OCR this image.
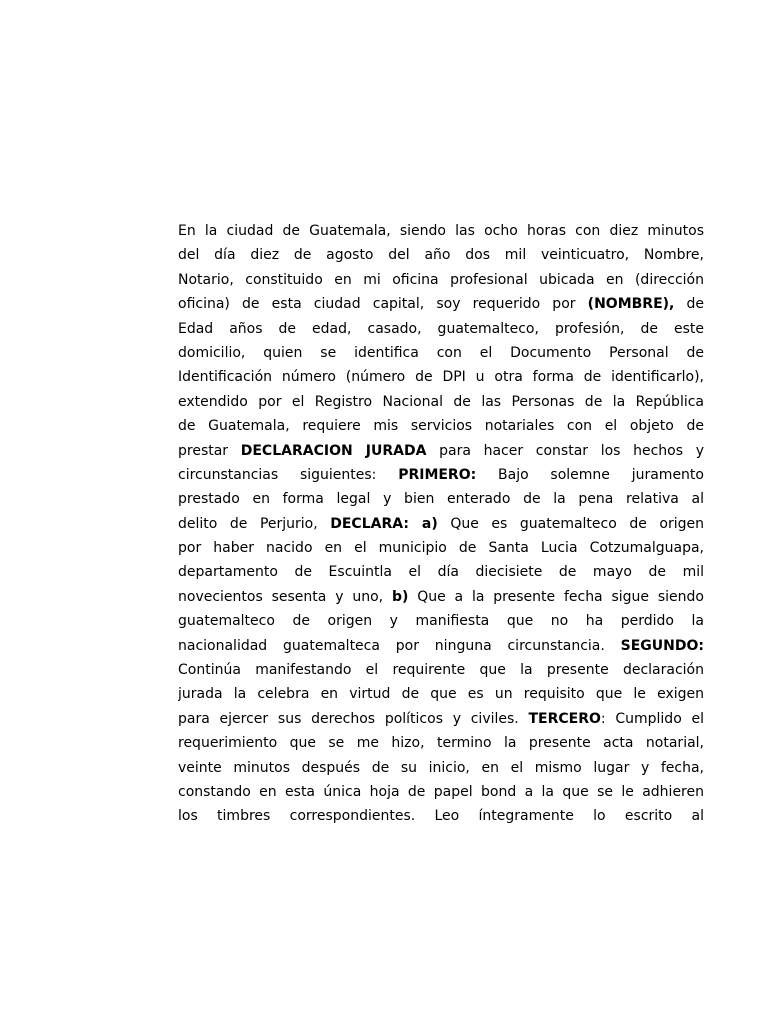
En la ciudad de Guatemala, siendo las ocho horas con diez minutos
del día diez de agosto del año dos mil veinticuatro, Nombre,
Notario, constituido en mi oficina profesional ubicada en (dirección
oficina) de esta ciudad capital, soy requerido por (NOMBRE), de
Edad años de edad, casado, guatemalteco, profesión, de este
domicilio, quien se identifica con el Documento Personal de
Identificación número (número de DPI u otra forma de identificarlo),
extendido por el Registro Nacional de las Personas de la República
de Guatemala, requiere mis servicios notariales con el objeto de
prestar DECLARACION JURADA para hacer constar los hechos y
circunstancias siguientes: PRIMERO: Bajo solemne juramento
prestado en forma legal y bien enterado de la pena relativa al
delito de Perjurio, DECLARA: a) Que es guatemalteco de origen
por haber nacido en el municipio de Santa Lucia Cotzumalguapa,
departamento de Escuintla el día diecisiete de mayo de mil
novecientos sesenta y uno, b) Que a la presente fecha sigue siendo
guatemalteco de origen y manifiesta que no ha perdido la
nacionalidad guatemalteca por ninguna circunstancia. SEGUNDO:
Continúa manifestando el requirente que la presente declaración
jurada la celebra en virtud de que es un requisito que le exigen
para ejercer sus derechos políticos y civiles. TERCERO: Cumplido el
requerimiento que se me hizo, termino la presente acta notarial,
veinte minutos después de su inicio, en el mismo lugar y fecha,
constando en esta única hoja de papel bond a la que se le adhieren
los timbres correspondientes. Leo íntegramente lo escrito al
